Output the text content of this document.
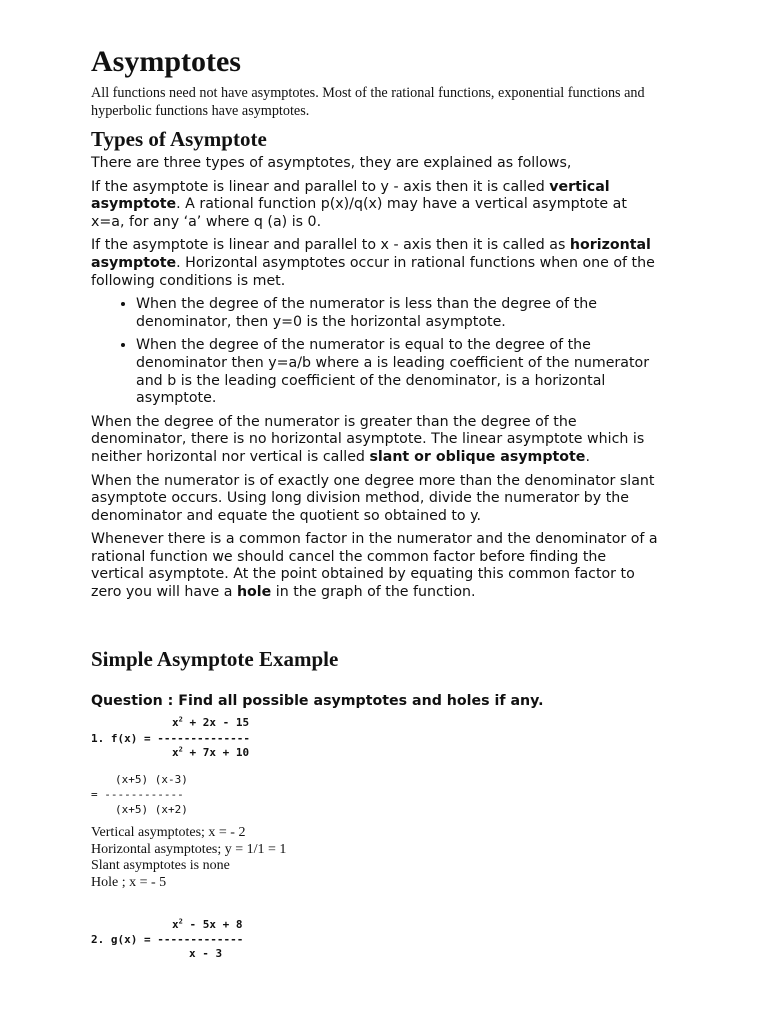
Asymptotes

All functions need not have asymptotes. Most of the rational functions, exponential functions and hyperbolic functions have asymptotes.

Types of Asymptote

There are three types of asymptotes, they are explained as follows,

If the asymptote is linear and parallel to y - axis then it is called vertical asymptote. A rational function p(x)/q(x) may have a vertical asymptote at x=a, for any ‘a’ where q (a) is 0.

If the asymptote is linear and parallel to x - axis then it is called as horizontal asymptote. Horizontal asymptotes occur in rational functions when one of the following conditions is met.

• When the degree of the numerator is less than the degree of the denominator, then y=0 is the horizontal asymptote.
• When the degree of the numerator is equal to the degree of the denominator then y=a/b where a is leading coefficient of the numerator and b is the leading coefficient of the denominator, is a horizontal asymptote.

When the degree of the numerator is greater than the degree of the denominator, there is no horizontal asymptote. The linear asymptote which is neither horizontal nor vertical is called slant or oblique asymptote.

When the numerator is of exactly one degree more than the denominator slant asymptote occurs. Using long division method, divide the numerator by the denominator and equate the quotient so obtained to y.

Whenever there is a common factor in the numerator and the denominator of a rational function we should cancel the common factor before finding the vertical asymptote. At the point obtained by equating this common factor to zero you will have a hole in the graph of the function.

Simple Asymptote Example

Question : Find all possible asymptotes and holes if any.

$x^2 + 2x - 15$
1. f(x) = --------------
$x^2 + 7x + 10$
(x+5) (x-3)
= ------------
(x+5) (x+2)
Vertical asymptotes; x = - 2
Horizontal asymptotes; y = 1/1 = 1
Slant asymptotes is none
Hole ; x = - 5
$x^2 - 5x + 8$
2. g(x) = -------------
x - 3
